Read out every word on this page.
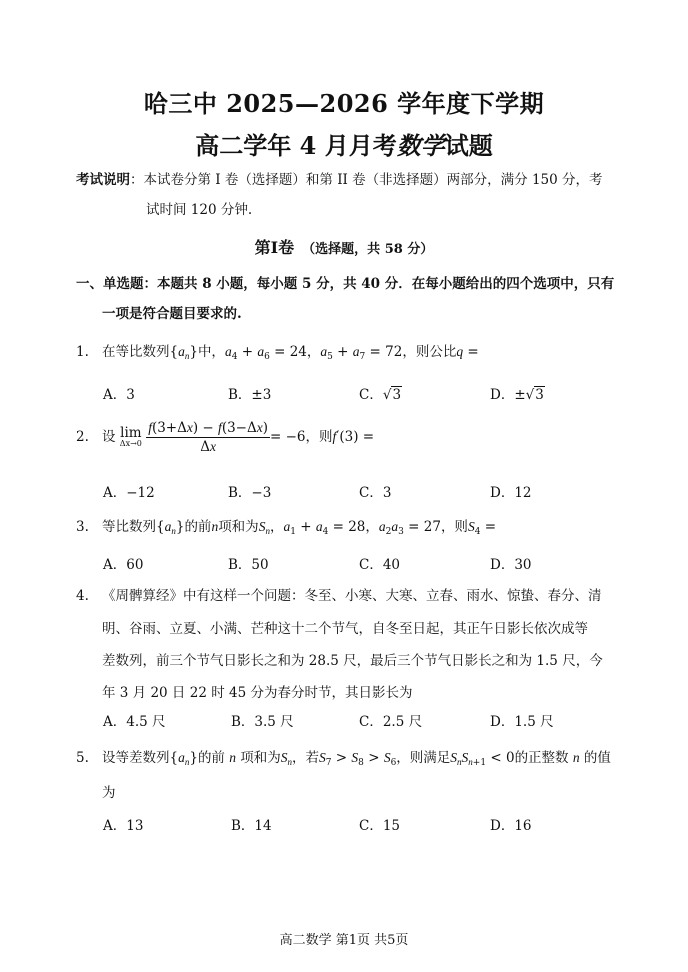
哈三中 2025—2026 学年度下学期
高二学年 4 月月考数学试题
考试说明：本试卷分第 I 卷（选择题）和第 II 卷（非选择题）两部分，满分 150 分，考
试时间 120 分钟.
第I卷 （选择题，共 58 分）
一、单选题：本题共 8 小题，每小题 5 分，共 40 分．在每小题给出的四个选项中，只有
一项是符合题目要求的.
1. 在等比数列$\{a_n\}$中，$a_4 + a_6 = 24$，$a_5 + a_7 = 72$，则公比q =
A．3	B．±3	C．√3	D．±√3
2. 设 lim
Δx→0
$\frac{f(3+\Delta x) - f(3-\Delta x)}{\Delta x} = -6$，则f′(3) =
A．−12	B．−3	C．3	D．12
3. 等比数列$\{a_n\}$的前n项和为$S_n$，$a_1 + a_4 = 28$，$a_2a_3 = 27$，则$S_4$ =
A．60	B．50	C．40	D．30
4. 《周髀算经》中有这样一个问题：冬至、小寒、大寒、立春、雨水、惊蛰、春分、清
明、谷雨、立夏、小满、芒种这十二个节气，自冬至日起，其正午日影长依次成等
差数列，前三个节气日影长之和为 28.5 尺，最后三个节气日影长之和为 1.5 尺，今
年 3 月 20 日 22 时 45 分为春分时节，其日影长为
A．4.5 尺	B．3.5 尺	C．2.5 尺	D．1.5 尺
5. 设等差数列$\{a_n\}$的前 n 项和为$S_n$，若$S_7 > S_8 > S_6$，则满足$S_nS_{n+1} < 0$的正整数 n 的值
为
A．13	B．14	C．15	D．16
高二数学 第1页 共5页
